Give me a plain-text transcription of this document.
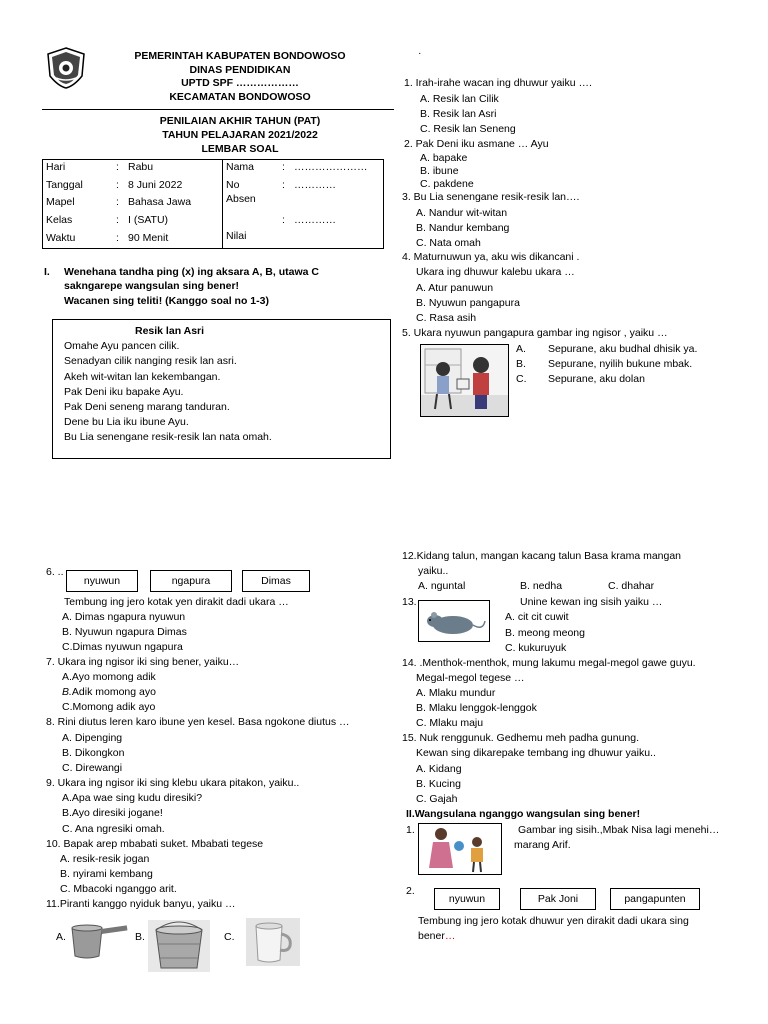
PEMERINTAH KABUPATEN BONDOWOSO
DINAS PENDIDIKAN
UPTD SPF ………………
KECAMATAN BONDOWOSO
PENILAIAN AKHIR TAHUN (PAT)
TAHUN PELAJARAN 2021/2022
LEMBAR SOAL
Hari	: Rabu
Tanggal	: 8 Juni 2022
Mapel	: Bahasa Jawa
Kelas	: I (SATU)
Waktu	: 90 Menit
Nama	: …………………
No	: …………
Absen
: …………
Nilai
I. Wenehana tandha ping (x) ing aksara A, B, utawa C
sakngarepe wangsulan sing bener!
Wacanen sing teliti! (Kanggo soal no 1-3)
Resik lan Asri
Omahe Ayu pancen cilik.
Senadyan cilik nanging resik lan asri.
Akeh wit-witan lan kekembangan.
Pak Deni iku bapake Ayu.
Pak Deni seneng marang tanduran.
Dene bu Lia iku ibune Ayu.
Bu Lia senengane resik-resik lan nata omah.
·
1. Irah-irahe wacan ing dhuwur yaiku ….
A. Resik lan Cilik
B. Resik lan Asri
C. Resik lan Seneng
2. Pak Deni iku asmane … Ayu
A. bapake
B. ibune
C. pakdene
3. Bu Lia senengane resik-resik lan….
A. Nandur wit-witan
B. Nandur kembang
C. Nata omah
4. Maturnuwun ya, aku wis dikancani .
Ukara ing dhuwur kalebu ukara …
A. Atur panuwun
B. Nyuwun pangapura
C. Rasa asih
5. Ukara nyuwun pangapura gambar ing ngisor , yaiku …
A. Sepurane, aku budhal dhisik ya.
B. Sepurane, nyilih bukune mbak.
C. Sepurane, aku dolan
6. ..
nyuwun	ngapura	Dimas
Tembung ing jero kotak yen dirakit dadi ukara …
A. Dimas ngapura nyuwun
B. Nyuwun ngapura Dimas
C.Dimas nyuwun ngapura
7. Ukara ing ngisor iki sing bener, yaiku…
A.Ayo momong adik
B.Adik momong ayo
C.Momong adik ayo
8. Rini diutus leren karo ibune yen kesel. Basa ngokone diutus …
A. Dipenging
B. Dikongkon
C. Direwangi
9. Ukara ing ngisor iki sing klebu ukara pitakon, yaiku..
A.Apa wae sing kudu diresiki?
B.Ayo diresiki jogane!
C. Ana ngresiki omah.
10. Bapak arep mbabati suket. Mbabati tegese
A. resik-resik jogan
B. nyirami kembang
C. Mbacoki nganggo arit.
11.Piranti kanggo nyiduk banyu, yaiku …
A.	B.	C.
12.Kidang talun, mangan kacang talun Basa krama mangan
yaiku..
A. nguntal	B. nedha	C. dhahar
13.	Unine kewan ing sisih yaiku …
A. cit cit cuwit
B. meong meong
C. kukuruyuk
14. .Menthok-menthok, mung lakumu megal-megol gawe guyu.
Megal-megol tegese …
A. Mlaku mundur
B. Mlaku lenggok-lenggok
C. Mlaku maju
15. Nuk renggunuk. Gedhemu meh padha gunung.
Kewan sing dikarepake tembang ing dhuwur yaiku..
A. Kidang
B. Kucing
C. Gajah
II.Wangsulana nganggo wangsulan sing bener!
1.	Gambar ing sisih.,Mbak Nisa lagi menehi…
marang Arif.
2.
nyuwun	Pak Joni	pangapunten
Tembung ing jero kotak dhuwur yen dirakit dadi ukara sing
bener…
